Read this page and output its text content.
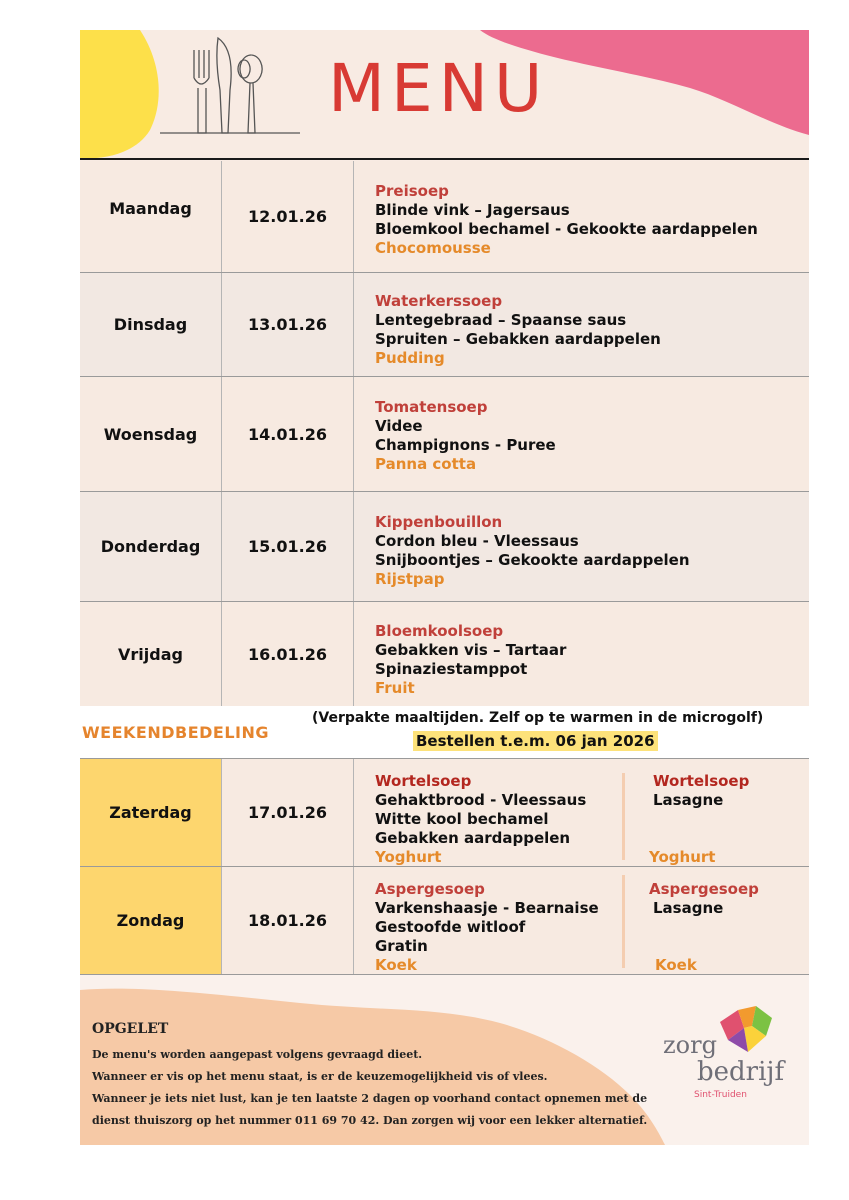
MENU
Maandag	12.01.26
Preisoep
Blinde vink – Jagersaus
Bloemkool bechamel - Gekookte aardappelen
Chocomousse
Dinsdag	13.01.26
Waterkerssoep
Lentegebraad – Spaanse saus
Spruiten – Gebakken aardappelen
Pudding
Woensdag	14.01.26
Tomatensoep
Videe
Champignons - Puree
Panna cotta
Donderdag	15.01.26
Kippenbouillon
Cordon bleu - Vleessaus
Snijboontjes – Gekookte aardappelen
Rijstpap
Vrijdag	16.01.26
Bloemkoolsoep
Gebakken vis – Tartaar
Spinaziestamppot
Fruit
WEEKENDBEDELING
(Verpakte maaltijden. Zelf op te warmen in de microgolf)
Bestellen t.e.m. 06 jan 2026
Zaterdag	17.01.26
Wortelsoep
Gehaktbrood - Vleessaus
Witte kool bechamel
Gebakken aardappelen
Yoghurt
Wortelsoep
Lasagne
Yoghurt
Zondag	18.01.26
Aspergesoep
Varkenshaasje - Bearnaise
Gestoofde witloof
Gratin
Koek
Aspergesoep
Lasagne
Koek
OPGELET
De menu's worden aangepast volgens gevraagd dieet.
Wanneer er vis op het menu staat, is er de keuzemogelijkheid vis of vlees.
Wanneer je iets niet lust, kan je ten laatste 2 dagen op voorhand contact opnemen met de
dienst thuiszorg op het nummer 011 69 70 42. Dan zorgen wij voor een lekker alternatief.
zorg
bedrijf
Sint-Truiden
